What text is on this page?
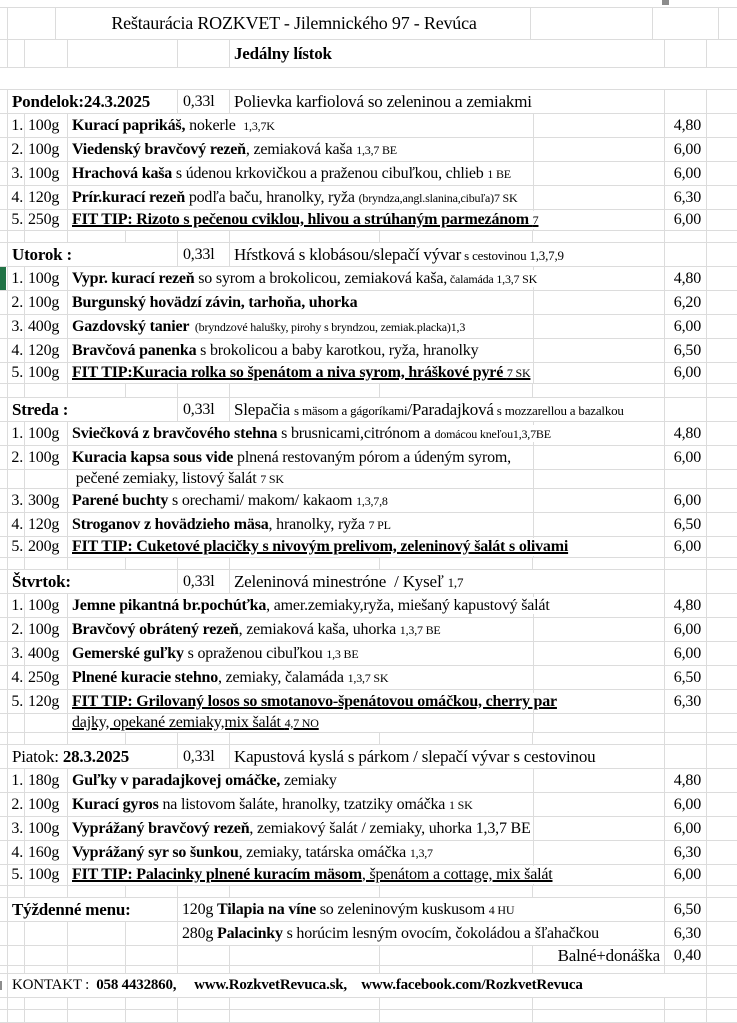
Reštaurácia ROZKVET - Jilemnického 97 - Revúca
Jedálny lístok
Pondelok:24.3.2025	0,33l Polievka karfiolová so zeleninou a zemiakmi
1. 100g Kurací paprikáš, nokerle  1,3,7K	4,80
2. 100g Viedenský bravčový rezeň, zemiaková kaša 1,3,7 BE	6,00
3. 100g Hrachová kaša s údenou krkovičkou a praženou cibuľkou, chlieb 1 BE	6,00
4. 120g Prír.kurací rezeň podľa baču, hranolky, ryža (bryndza,angl.slanina,cibuľa)7 SK	6,30
5. 250g FIT TIP: Rizoto s pečenou cviklou, hlivou a strúhaným parmezánom 7	6,00
Utorok :	0,33l Hŕstková s klobásou/slepačí vývar s cestovinou 1,3,7,9
1. 100g Vypr. kurací rezeň so syrom a brokolicou, zemiaková kaša, čalamáda 1,3,7 SK	4,80
2. 100g Burgunský hovädzí závin, tarhoňa, uhorka	6,20
3. 400g Gazdovský tanier  (bryndzové halušky, pirohy s bryndzou, zemiak.placka)1,3	6,00
4. 120g Bravčová panenka s brokolicou a baby karotkou, ryža, hranolky	6,50
5. 100g FIT TIP:Kuracia rolka so špenátom a niva syrom, hráškové pyré 7 SK	6,00
Streda :	0,33l Slepačia s mäsom a gágoríkami/Paradajková s mozzarellou a bazalkou
1. 100g Sviečková z bravčového stehna s brusnicami,citrónom a domácou kneľou1,3,7BE	4,80
2. 100g Kuracia kapsa sous vide plnená restovaným pórom a údeným syrom,	6,00
pečené zemiaky, listový šalát 7 SK
3. 300g Parené buchty s orechami/ makom/ kakaom 1,3,7,8	6,00
4. 120g Stroganov z hovädzieho mäsa, hranolky, ryža 7 PL	6,50
5. 200g FIT TIP: Cuketové placičky s nivovým prelivom, zeleninový šalát s olivami	6,00
Štvrtok:	0,33l Zeleninová minestróne  / Kyseľ 1,7
1. 100g Jemne pikantná br.pochúťka, amer.zemiaky,ryža, miešaný kapustový šalát	4,80
2. 100g Bravčový obrátený rezeň, zemiaková kaša, uhorka 1,3,7 BE	6,00
3. 400g Gemerské guľky s opraženou cibuľkou 1,3 BE	6,00
4. 250g Plnené kuracie stehno, zemiaky, čalamáda 1,3,7 SK	6,50
5. 120g FIT TIP: Grilovaný losos so smotanovo-špenátovou omáčkou, cherry par	6,30
dajky, opekané zemiaky,mix šalát 4,7 NO
Piatok: 28.3.2025	0,33l Kapustová kyslá s párkom / slepačí vývar s cestovinou
1. 180g Guľky v paradajkovej omáčke, zemiaky	4,80
2. 100g Kurací gyros na listovom šaláte, hranolky, tzatziky omáčka 1 SK	6,00
3. 100g Vyprážaný bravčový rezeň, zemiakový šalát / zemiaky, uhorka 1,3,7 BE	6,00
4. 160g Vyprážaný syr so šunkou, zemiaky, tatárska omáčka 1,3,7	6,30
5. 100g FIT TIP: Palacinky plnené kuracím mäsom, špenátom a cottage, mix šalát	6,00
Týždenné menu:	120g Tilapia na víne so zeleninovým kuskusom 4 HU	6,50
280g Palacinky s horúcim lesným ovocím, čokoládou a šľahačkou	6,30
Balné+donáška 0,40
KONTAKT :  058 4432860, www.RozkvetRevuca.sk, www.facebook.com/RozkvetRevuca
